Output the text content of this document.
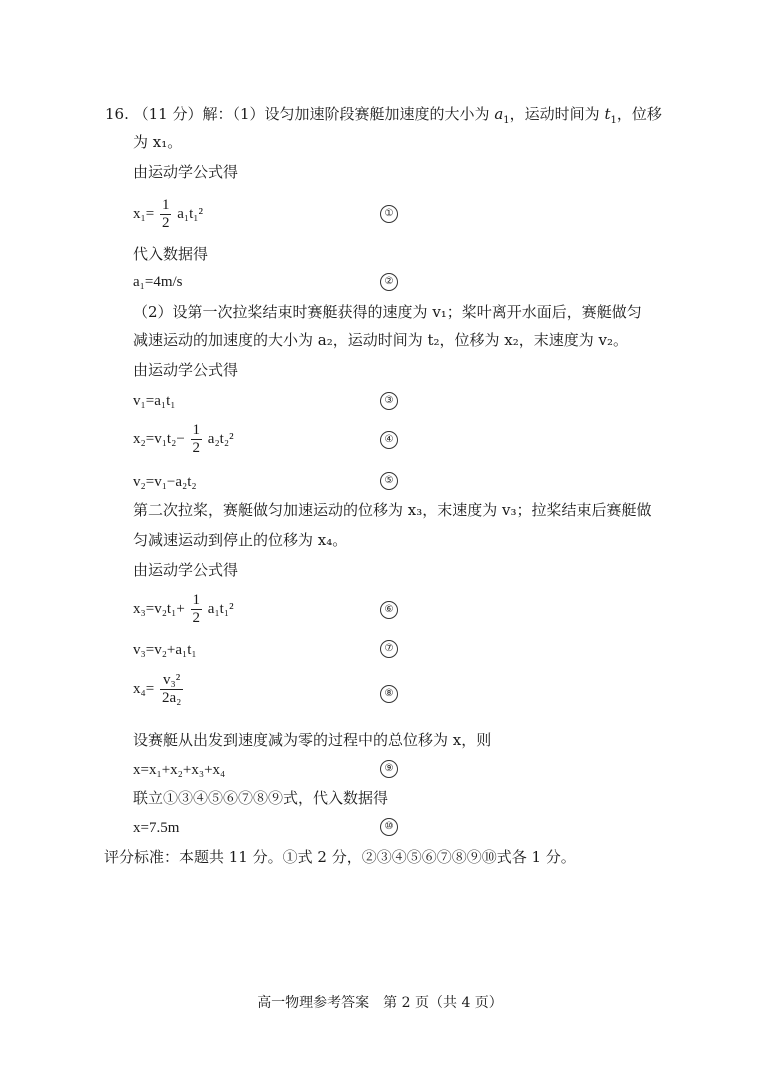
16. （11 分）解：（1）设匀加速阶段赛艇加速度的大小为 $a_1$，运动时间为 $t_1$，位移
为 x₁。
由运动学公式得
$x_1= \frac{1}{2} a_1t_1^2$	①
代入数据得
a₁=4m/s	②
（2）设第一次拉桨结束时赛艇获得的速度为 v₁；桨叶离开水面后，赛艇做匀
减速运动的加速度的大小为 a₂，运动时间为 t₂，位移为 x₂，末速度为 v₂。
由运动学公式得
v₁=a₁t₁	③
$x_2=v_1t_2- \frac{1}{2} a_2t_2^2$	④
v₂=v₁−a₂t₂	⑤
第二次拉桨，赛艇做匀加速运动的位移为 x₃，末速度为 v₃；拉桨结束后赛艇做
匀减速运动到停止的位移为 x₄。
由运动学公式得
$x_3=v_2t_1+ \frac{1}{2} a_1t_1^2$	⑥
v₃=v₂+a₁t₁	⑦
$x_4= \frac{\text{v₃²}}{\text{2a₂}}$	⑧
设赛艇从出发到速度减为零的过程中的总位移为 x，则
x=x₁+x₂+x₃+x₄	⑨
联立①③④⑤⑥⑦⑧⑨式，代入数据得
x=7.5m	⑩
评分标准：本题共 11 分。①式 2 分，②③④⑤⑥⑦⑧⑨⑩式各 1 分。
高一物理参考答案　第 2 页（共 4 页）
